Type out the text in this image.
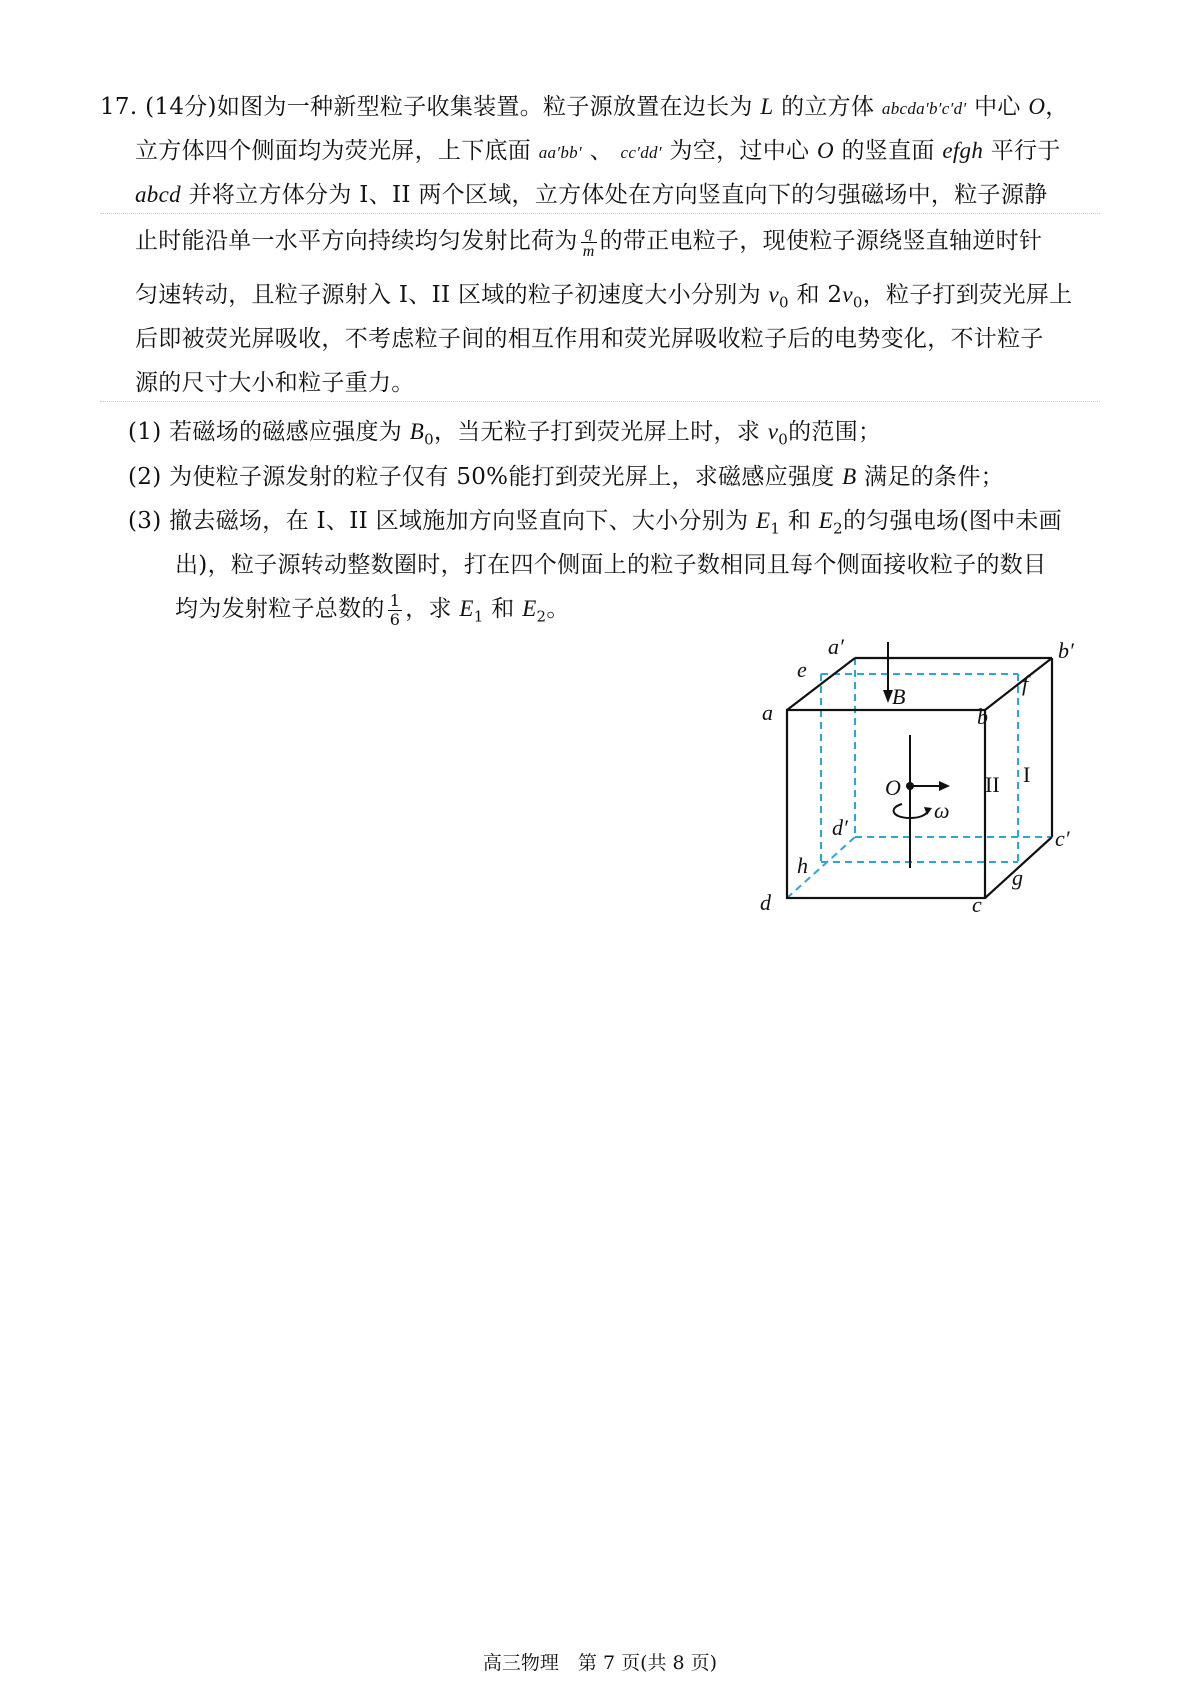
17. (14分)如图为一种新型粒子收集装置。粒子源放置在边长为 L 的立方体 abcda′b′c′d′ 中心 O，
立方体四个侧面均为荧光屏，上下底面 aa′bb′ 、 cc′dd′ 为空，过中心 O 的竖直面 efgh 平行于
abcd 并将立方体分为 I、II 两个区域，立方体处在方向竖直向下的匀强磁场中，粒子源静
止时能沿单一水平方向持续均匀发射比荷为 $\frac{q}{m}$ 的带正电粒子，现使粒子源绕竖直轴逆时针
匀速转动，且粒子源射入 I、II 区域的粒子初速度大小分别为 $v_0$ 和 $2v_0$，粒子打到荧光屏上
后即被荧光屏吸收，不考虑粒子间的相互作用和荧光屏吸收粒子后的电势变化，不计粒子
源的尺寸大小和粒子重力。
(1) 若磁场的磁感应强度为 $B_0$，当无粒子打到荧光屏上时，求 $v_0$的范围；
(2) 为使粒子源发射的粒子仅有 50%能打到荧光屏上，求磁感应强度 B 满足的条件；
(3) 撤去磁场，在 I、II 区域施加方向竖直向下、大小分别为 $E_1$ 和 $E_2$的匀强电场(图中未画
出)，粒子源转动整数圈时，打在四个侧面上的粒子数相同且每个侧面接收粒子的数目
均为发射粒子总数的 $\frac{1}{6}$ ，求 $E_1$ 和 $E_2$。
a	b
c
d
a′	b′
c′
d′
e
f
g
h
B
O
ω
I
II
高三物理　第 7 页(共 8 页)
